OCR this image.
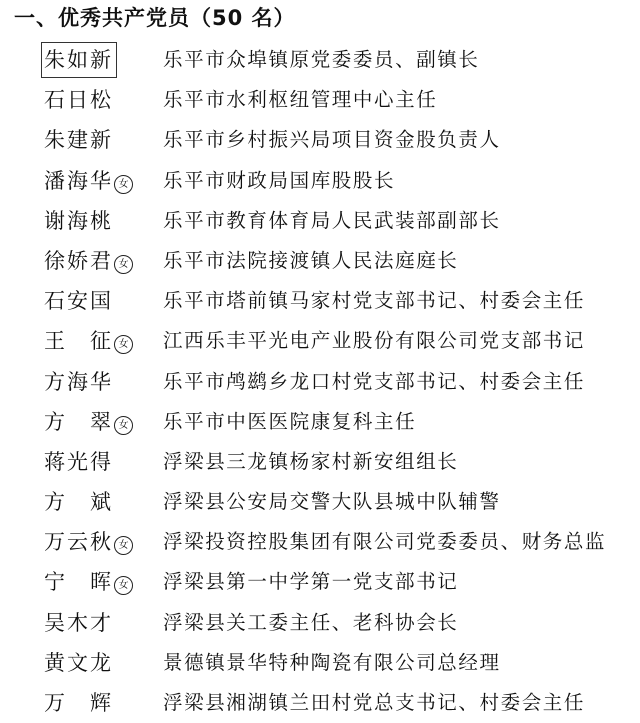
一、优秀共产党员（50 名）
朱如新	乐平市众埠镇原党委委员、副镇长
石日松	乐平市水利枢纽管理中心主任
朱建新	乐平市乡村振兴局项目资金股负责人
潘海华 女 乐平市财政局国库股股长
谢海桃	乐平市教育体育局人民武装部副部长
徐娇君 女 乐平市法院接渡镇人民法庭庭长
石安国	乐平市塔前镇马家村党支部书记、村委会主任
王　征 女 江西乐丰平光电产业股份有限公司党支部书记
方海华	乐平市鸬鹚乡龙口村党支部书记、村委会主任
方　翠 女 乐平市中医医院康复科主任
蒋光得	浮梁县三龙镇杨家村新安组组长
方　斌	浮梁县公安局交警大队县城中队辅警
万云秋 女 浮梁投资控股集团有限公司党委委员、财务总监
宁　晖 女 浮梁县第一中学第一党支部书记
吴木才	浮梁县关工委主任、老科协会长
黄文龙	景德镇景华特种陶瓷有限公司总经理
万　辉	浮梁县湘湖镇兰田村党总支书记、村委会主任
